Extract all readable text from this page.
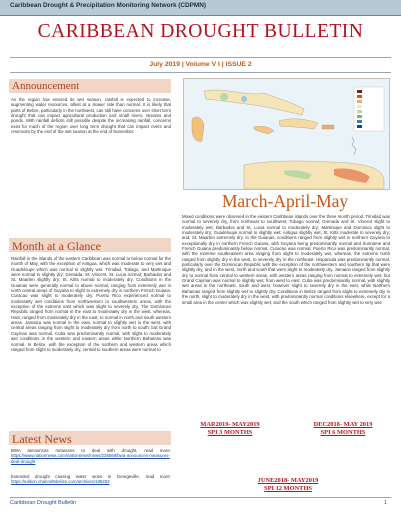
Caribbean Drought & Precipitation Monitoring Network (CDPMN)
CARIBBEAN DROUGHT BULLETIN
July 2019 | Volume V I | ISSUE 2
Announcement

As the region has entered its wet season, rainfall is expected to increase, augmenting water resources, albeit at a slower rate than normal. It is likely that parts of Belize, particularly in the northwest, can still have concerns over short term drought that can impact agricultural production and small rivers, streams and ponds. With rainfall deficits still possible despite the increasing rainfall, concerns exist for much of the region over long term drought that can impact rivers and reservoirs by the end of the wet season at the end of November.

Month at a Glance

Rainfall in the islands of the eastern Caribbean was normal to below normal for the month of May, with the exception of Antigua, which was moderate to very wet and Guadeloupe which was normal to slightly wet. Trinidad, Tobago, and Martinique were normal to slightly dry; Grenada, St. Vincent, St. Lucia normal; Barbados and St. Maarten slightly dry; St. Kitts normal to moderately dry. Conditions in the Guianas were generally normal to above normal, ranging from extremely wet in north central areas of Guyana to slight to extremely dry in northern French Guiana. Curacao was slight to moderately dry. Puerto Rico experienced normal to moderately wet conditions from northwestern to southwestern areas, with the exception of the extreme east which was slight to severely dry. The Dominican Republic ranged from normal in the east to moderately dry in the west, whereas, Haiti, ranged from moderately dry in the east, to normal in north and south western areas. Jamaica was normal in the east, normal to slightly wet in the west, with central areas ranging from slight to moderately dry from north to south; but Grand Cayman was normal. Cuba was predominantly normal, with slight to moderately wet conditions in the western and eastern areas while Northern Bahamas was normal. In Belize, with the exception of the northern and western areas which ranged from slight to moderately dry, central to southern areas were normal to

Latest News

BWA announces measures to deal with drought, read more: https://www.nationnews.com/nationnews/news/228568/bwa-announces-measures-deal-drought

Extended drought causing water woes in Georgeville, read more: https://edition.channel5belize.com/archives/186253

March-April-May

Mixed conditions were observed in the eastern Caribbean islands over the three month period. Trinidad was normal to severely dry, from northeast to southwest; Tobago normal; Grenada and St. Vincent slight to moderately wet; Barbados and St. Lucia normal to moderately dry; Martinique and Dominica slight to moderately dry; Guadeloupe normal to slightly wet; Antigua slightly wet, St. Kitts moderate to severely dry; and, St. Maarten extremely dry. In the Guianas, conditions ranged from slightly wet in northern Guyana to exceptionally dry in northern French Guiana, with Guyana being predominantly normal and Suriname and French Guiana predominantly below normal. Curacao was normal. Puerto Rico was predominantly normal, with the extreme southeastern area ranging from slight to moderately wet, whereas, the extreme north ranged from slightly dry in the west, to severely dry in the northeast. Hispaniola was predominantly normal, particularly over the Dominican Republic with the exception of the northwestern and southern tip that were slightly dry, and in the west, north and south that were slight to moderately dry. Jamaica ranged from slightly dry to normal from central to western areas, with western areas ranging from normal to extremely wet; but Grand Cayman was normal to slightly wet, from west to east. Cuba was predominantly normal, with slightly wet areas in the northeast, south and west, however slight to severely dry in the east, while Northern Bahamas ranged from slightly wet to slightly dry. Conditions in Belize ranged from slight to extremely dry in the north, slight to moderately dry in the west, with predominantly normal conditions elsewhere, except for a small area in the center which was slightly wet, and the south which ranged from slightly wet to very wet.

MAR2019- MAY2019
SPI 3 MONTHS
DEC2018- MAY 2019
SPI 6 MONTHS
JUNE2018- MAY2019
SPI 12 MONTHS
Caribbean Drought Bulletin	1
